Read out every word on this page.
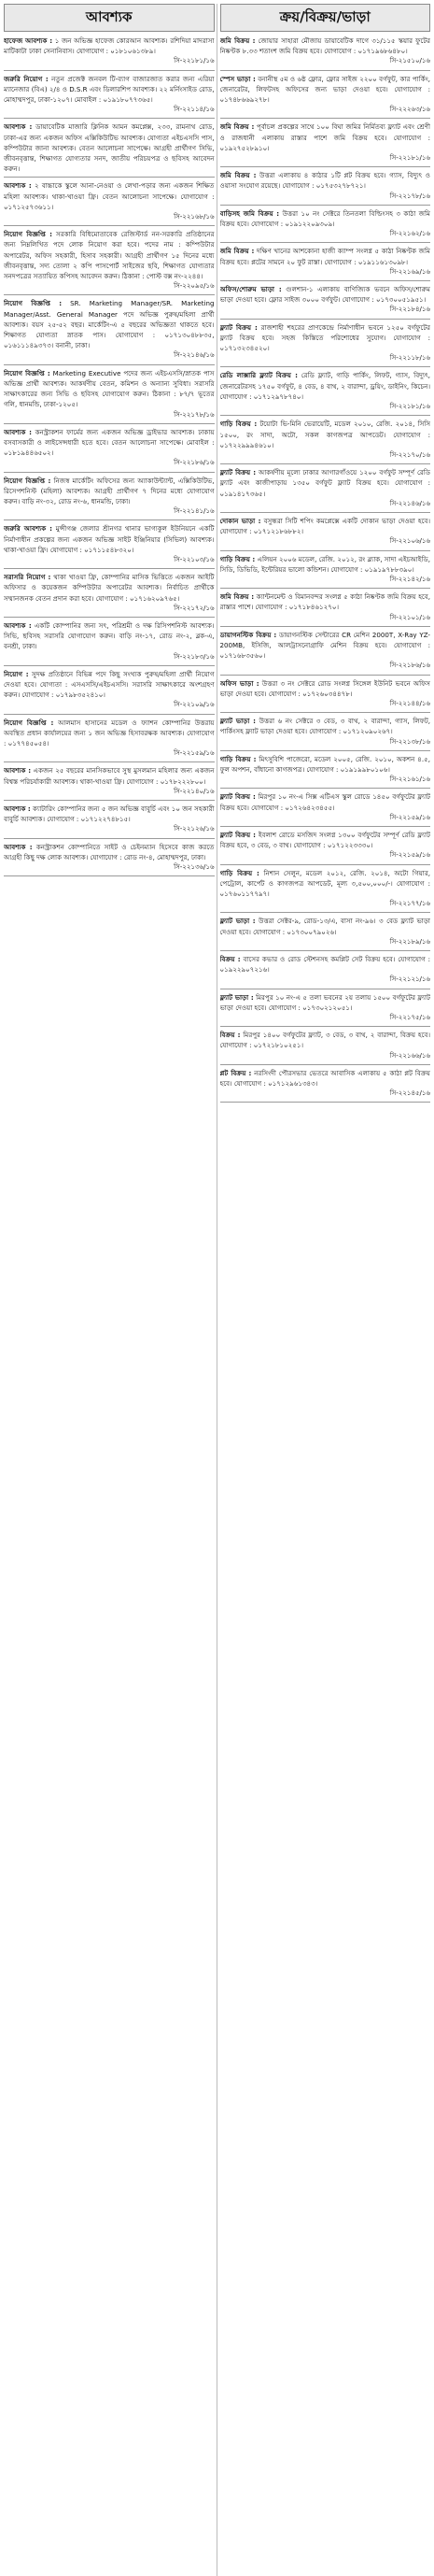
আবশ্যক
হাফেজ আবশ্যক : ১ জন অভিজ্ঞ হাফেজ কোরআন আবশ্যক। রশিদিয়া মাদরাসা মাটিকাটা ঢাকা সেনানিবাস। যোগাযোগ : ০১৮১০৬১৩৮৯।
সি-২২১৮১/১৬
জরুরি নিয়োগ : নতুন প্রজেক্ট জনবল টি-ব্যাগ বাজারজাত করার জন্য এরিয়া ম্যানেজার (বিএ) ২/৪ ও D.S.R এবং ডিলারশিপ আবশ্যক। ২২ মর্নিংসাইড রোড, মোহাম্মদপুর, ঢাকা-১২০৭। মোবাইল : ০১৯১৮০৭৭৩৬৫।
সি-২২১১৪/১৬
আবশ্যক : ডায়াবেটিক মাজারি ক্লিনিক আমন কমপ্লেক্স, ২৩৩, রামনাথ রোড, ঢাকা-এর জন্য একজন অফিস এক্সিকিউটিভ আবশ্যক। যোগ্যতা এইচএসসি পাস, কম্পিউটার জানা আবশ্যক। বেতন আলোচনা সাপেক্ষে। আগ্রহী প্রার্থীগণ সিভি, জীবনবৃত্তান্ত, শিক্ষাগত যোগ্যতার সনদ, জাতীয় পরিচয়পত্র ও ছবিসহ আবেদন করুন।
আবশ্যক : ২ বাচ্চাকে স্কুলে আনা-নেওয়া ও লেখা-পড়ার জন্য একজন শিক্ষিত মহিলা আবশ্যক। থাকা-খাওয়া ফ্রি। বেতন আলোচনা সাপেক্ষে। যোগাযোগ : ০১৭১২৫৭৩৬১১।
সি-২২১৬৮/১৬
নিয়োগ বিজ্ঞপ্তি : সরকারি বিধিমোতাবেক রেজিস্টার্ড নন-সরকারি প্রতিষ্ঠানের জন্য নিম্নলিখিত পদে লোক নিয়োগ করা হবে। পদের নাম : কম্পিউটার অপারেটর, অফিস সহকারী, হিসাব সহকারী। আগ্রহী প্রার্থীগণ ১৫ দিনের মধ্যে জীবনবৃত্তান্ত, সদ্য তোলা ২ কপি পাসপোর্ট সাইজের ছবি, শিক্ষাগত যোগ্যতার সনদপত্রের সত্যায়িত কপিসহ আবেদন করুন। ঠিকানা : পোস্ট বক্স নং-২২৪৪।
সি-২২০৯৫/১৬
নিয়োগ বিজ্ঞপ্তি : SR. Marketing Manager/SR. Marketing Manager/Asst. General Manager পদে অভিজ্ঞ পুরুষ/মহিলা প্রার্থী আবশ্যক। বয়স ২৫-৫২ বছর। মার্কেটিং-এ ৫ বছরের অভিজ্ঞতা থাকতে হবে। শিক্ষাগত যোগ্যতা স্নাতক পাস। যোগাযোগ : ০১৭১৩০৪৮৮৩৫, ০১৬১১১৪৯৩৭৩। বনানী, ঢাকা।
সি-২২১৪৬/১৬
নিয়োগ বিজ্ঞপ্তি : Marketing Executive পদের জন্য এইচএসসি/স্নাতক পাস অভিজ্ঞ প্রার্থী আবশ্যক। আকর্ষণীয় বেতন, কমিশন ও অন্যান্য সুবিধা। সরাসরি সাক্ষাৎকারের জন্য সিভি ও ছবিসহ যোগাযোগ করুন। ঠিকানা : ৮৭/৭ ভূতের গলি, ধানমন্ডি, ঢাকা-১২০৫।
সি-২২১৭৮/১৬
আবশ্যক : কনস্ট্রাকশন ফার্মের জন্য একজন অভিজ্ঞ ড্রাইভার আবশ্যক। ঢাকায় বসবাসকারী ও লাইসেন্সধারী হতে হবে। বেতন আলোচনা সাপেক্ষে। মোবাইল : ০১৮১৯৪৪৬৫০২।
সি-২২১৮৬/১৬
নিয়োগ বিজ্ঞপ্তি : নিজস্ব মার্কেটিং অফিসের জন্য অ্যাকাউন্ট্যান্ট, এক্সিকিউটিভ, রিসেপশনিস্ট (মহিলা) আবশ্যক। আগ্রহী প্রার্থীগণ ৭ দিনের মধ্যে যোগাযোগ করুন। বাড়ি নং-৩২, রোড নং-৬, ধানমন্ডি, ঢাকা।
সি-২২১৪১/১৬
জরুরি আবশ্যক : মুন্সীগঞ্জ জেলার শ্রীনগর থানার ভাগ্যকুল ইউনিয়নে একটি নির্মাণাধীন প্রকল্পের জন্য একজন অভিজ্ঞ সাইট ইঞ্জিনিয়ার (সিভিল) আবশ্যক। থাকা-খাওয়া ফ্রি। যোগাযোগ : ০১৭১১৫৪৮৩২০।
সি-২২১০৩/১৬
সরাসরি নিয়োগ : থাকা খাওয়া ফ্রি, কোম্পানির মাসিক ভিত্তিতে একজন আইটি অফিসার ও কয়েকজন কম্পিউটার অপারেটর আবশ্যক। নির্বাচিত প্রার্থীকে সম্মানজনক বেতন প্রদান করা হবে। যোগাযোগ : ০১৭১৬২০৯৭৬৫।
সি-২২১৭২/১৬
আবশ্যক : একটি কোম্পানির জন্য সৎ, পরিশ্রমী ও দক্ষ রিসিপশনিস্ট আবশ্যক। সিভি, ছবিসহ সরাসরি যোগাযোগ করুন। বাড়ি নং-১৭, রোড নং-২, ব্লক-এ, বনশ্রী, ঢাকা।
সি-২২১৮৩/১৬
নিয়োগ : সুদক্ষ প্রতিষ্ঠানে বিভিন্ন পদে কিছু সংখ্যক পুরুষ/মহিলা প্রার্থী নিয়োগ দেওয়া হবে। যোগ্যতা : এসএসসি/এইচএসসি। সরাসরি সাক্ষাৎকারে অংশগ্রহণ করুন। যোগাযোগ : ০১৭৯৮৩৫২৪১০।
সি-২২১০৯/১৬
নিয়োগ বিজ্ঞপ্তি : আলমাস হাসানের মডেল ও ফ্যাশন কোম্পানির উত্তরায় অবস্থিত প্রধান কার্যালয়ের জন্য ১ জন অভিজ্ঞ হিসাবরক্ষক আবশ্যক। যোগাযোগ : ০১৭৭৪৫০৫৪।
সি-২২১৫৯/১৬
আবশ্যক : একজন ২৫ বছরের মানসিকভাবে সুস্থ মুসলমান মহিলার জন্য একজন বিশ্বস্ত পরিচর্যাকারী আবশ্যক। থাকা-খাওয়া ফ্রি। যোগাযোগ : ০১৭৮২২২৮০০।
সি-২২১৪০/১৬
আবশ্যক : ক্যাটারিং কোম্পানির জন্য ৫ জন অভিজ্ঞ বাবুর্চি এবং ১০ জন সহকারী বাবুর্চি আবশ্যক। যোগাযোগ : ০১৭১২২৭৪৮১৫।
সি-২২১২৬/১৬
আবশ্যক : কনস্ট্রাকশন কোম্পানিতে সাইট ও চেইনম্যান হিসেবে কাজ করতে আগ্রহী কিছু দক্ষ লোক আবশ্যক। যোগাযোগ : রোড নং-৪, মোহাম্মদপুর, ঢাকা।
সি-২২১৩৬/১৬
ক্রয়/বিক্রয়/ভাড়া
জমি বিক্রয় : জোয়ার সাহারা মৌজায় ডায়াবেটিক দাগে ৩১/১১৫ স্কয়ার ফুটের নিষ্কণ্টক ৮.৩৩ শতাংশ জমি বিক্রয় হবে। যোগাযোগ : ০১৭১৯৬৮৬৪৮০।
সি-২১৫১০/১৬
স্পেস ভাড়া : বনানীস্থ ৫ম ও ৬ষ্ঠ ফ্লোর, ফ্লোর সাইজ ২২০০ বর্গফুট, কার পার্কিং, জেনারেটর, লিফটসহ অফিসের জন্য ভাড়া দেওয়া হবে। যোগাযোগ : ০১৭৪৮৬৬৯২৭৮।
সি-২২২৬৩/১৬
জমি বিক্রয় : পূর্বাচল প্রকল্পের সাথে ১০০ বিঘা জমির নির্মিতব্য ফ্ল্যাট এবং শ্রেণী ও রাজধানী এলাকায় রাস্তার পাশে জমি বিক্রয় হবে। যোগাযোগ : ০১৯২৭৫২৮৯১০।
সি-২২১৮১/১৬
জমি বিক্রয় : উত্তরা এলাকায় ৪ কাঠার ১টি প্লট বিক্রয় হবে। গ্যাস, বিদ্যুৎ ও ওয়াসা সংযোগ রয়েছে। যোগাযোগ : ০১৭৫৩২৭৮৭২১।
সি-২২১৭৮/১৬
বাড়িসহ জমি বিক্রয় : উত্তরা ১০ নং সেক্টরে তিনতলা বিল্ডিংসহ ৩ কাঠা জমি বিক্রয় হবে। যোগাযোগ : ০১৯১২২০৯৩০৯।
সি-২২১৬২/১৬
জমি বিক্রয় : দক্ষিণ খানের আশকোনা হাজী ক্যাম্প সংলগ্ন ৫ কাঠা নিষ্কণ্টক জমি বিক্রয় হবে। প্লটের সামনে ২০ ফুট রাস্তা। যোগাযোগ : ০১৯১১৬১৩০৯৮।
সি-২২১৬৯/১৬
অফিস/শোরুম ভাড়া : গুলশান-১ এলাকায় বাণিজ্যিক ভবনে অফিস/শোরুম ভাড়া দেওয়া হবে। ফ্লোর সাইজ ৩০০০ বর্গফুট। যোগাযোগ : ০১৭৩০০৫১৯৫১।
সি-২২১৮৪/১৬
ফ্ল্যাট বিক্রয় : রাজশাহী শহরের প্রাণকেন্দ্রে নির্মাণাধীন ভবনে ১২৫০ বর্গফুটের ফ্ল্যাট বিক্রয় হবে। সহজ কিস্তিতে পরিশোধের সুযোগ। যোগাযোগ : ০১৭১৩২৩৪৫২০।
সি-২২১১৮/১৬
রেডি লাক্সারি ফ্ল্যাট বিক্রয় : রেডি ফ্ল্যাট, গাড়ি পার্কিং, লিফট, গ্যাস, বিদ্যুৎ, জেনারেটরসহ ১৭৫০ বর্গফুট, ৪ বেড, ৪ বাথ, ২ বারান্দা, ড্রয়িং, ডাইনিং, কিচেন। যোগাযোগ : ০১৭১২৯৭৮৭৪০।
সি-২২১৮১/১৬
গাড়ি বিক্রয় : টয়োটা ভি-মিনি ভেরায়েটি, মডেল ২০১০, রেজি. ২০১৪, সিসি ১৫০০, রং সাদা, অটো, সকল কাগজপত্র আপডেট। যোগাযোগ : ০১৭২২৯৯৯৪৬১০।
সি-২২১৭০/১৬
ফ্ল্যাট বিক্রয় : আকর্ষণীয় মূল্যে ঢাকার আগারগাঁওয়ে ১২০০ বর্গফুট সম্পূর্ণ রেডি ফ্ল্যাট এবং কাজীপাড়ায় ১৩৫০ বর্গফুট ফ্ল্যাট বিক্রয় হবে। যোগাযোগ : ০১৯১৪১৭৩৬৫।
সি-২২১৪৬/১৬
দোকান ভাড়া : বসুন্ধরা সিটি শপিং কমপ্লেক্সে একটি দোকান ভাড়া দেওয়া হবে। যোগাযোগ : ০১৭১২১৮৬৮৮২।
সি-২২১০৬/১৬
গাড়ি বিক্রয় : এলিয়ন ২০০৬ মডেল, রেজি. ২০১২, রং ব্ল্যাক, সাদা এইচআইডি, সিডি, ডিভিডি, ইন্টেরিয়র ভালো কন্ডিশন। যোগাযোগ : ০১৯১৯৭৮৮৩৯০।
সি-২২১৪২/১৬
জমি বিক্রয় : ক্যান্টনমেন্ট ও বিমানবন্দর সংলগ্ন ৫ কাঠা নিষ্কণ্টক জমি বিক্রয় হবে, রাস্তার পাশে। যোগাযোগ : ০১৭১৮৪৬১২৭০।
সি-২২১০১/১৬
ডায়াগনস্টিক বিক্রয় : ডায়াগনস্টিক সেন্টারের CR মেশিন 2000T, X-Ray YZ-200MB, ইসিজি, আলট্রাসনোগ্রাফি মেশিন বিক্রয় হবে। যোগাযোগ : ০১৭১৬৮৩৫৬০।
সি-২২১৮৬/১৬
অফিস ভাড়া : উত্তরা ৩ নং সেক্টরে রোড সংলগ্ন সিঙ্গেল ইউনিট ভবনে অফিস ভাড়া দেওয়া হবে। যোগাযোগ : ০১৭২৬০৩৪৪৭৮।
সি-২২১৪৪/১৬
ফ্ল্যাট ভাড়া : উত্তরা ৬ নং সেক্টরে ৩ বেড, ৩ বাথ, ২ বারান্দা, গ্যাস, লিফট, পার্কিংসহ ফ্ল্যাট ভাড়া দেওয়া হবে। যোগাযোগ : ০১৭১২০৯০২৬৭।
সি-২২১৩৮/১৬
গাড়ি বিক্রয় : মিৎসুবিশি পাজেরো, মডেল ২০০৫, রেজি. ২০১০, অকশন ৪.৫, ফুল অপশন, বাঁধানো কাগজপত্র। যোগাযোগ : ০১৯১৯৯৮০১০৬।
সি-২২১৬১/১৬
ফ্ল্যাট বিক্রয় : মিরপুর ১০ নং-এ সিক্স এটিএস স্কুল রোডে ১৪৫০ বর্গফুটের ফ্ল্যাট বিক্রয় হবে। যোগাযোগ : ০১৭২৬৪২৩৪৫৫।
সি-২২১৫৯/১৬
ফ্ল্যাট বিক্রয় : ইবলাশ রোডে মসজিদ সংলগ্ন ১৩০০ বর্গফুটের সম্পূর্ণ রেডি ফ্ল্যাট বিক্রয় হবে, ৩ বেড, ৩ বাথ। যোগাযোগ : ০১৭১২২৩৩৩০।
সি-২২১৫৯/১৬
গাড়ি বিক্রয় : নিশান সেলুন, মডেল ২০১২, রেজি. ২০১৪, অটো গিয়ার, পেট্রোল, কার্পেট ও কাগজপত্র আপডেট, মূল্য ৩,৫০০,০০০/-। যোগাযোগ : ০১৭৬০১১৭৭৯৭।
সি-২২১৭৭/১৬
ফ্ল্যাট ভাড়া : উত্তরা সেক্টর-৯, রোড-১৩/এ, বাসা নং-৯৬। ৩ বেড ফ্ল্যাট ভাড়া দেওয়া হবে। যোগাযোগ : ০১৭৩০০৭৯০২৬।
সি-২২১৮৯/১৬
বিক্রয় : বাসের কভার ও রোড স্টেশনসহ কমপ্লিট সেট বিক্রয় হবে। যোগাযোগ : ০১৯২২৯০৭২১৬।
সি-২২১২১/১৬
ফ্ল্যাট ভাড়া : মিরপুর ১০ নং-এ ৫ তলা ভবনের ২য় তলায় ১৫০০ বর্গফুটের ফ্ল্যাট ভাড়া দেওয়া হবে। যোগাযোগ : ০১৭৩০২১২০৫১।
সি-২২১৭৫/১৬
বিক্রয় : মিরপুর ১৪০০ বর্গফুটের ফ্ল্যাট, ৩ বেড, ৩ বাথ, ২ বারান্দা, বিক্রয় হবে। যোগাযোগ : ০১৭২১৮১০২৫১।
সি-২২১৬৬/১৬
প্লট বিক্রয় : নরসিংদী পৌরসভার ভেতরে আবাসিক এলাকায় ৫ কাঠা প্লট বিক্রয় হবে। যোগাযোগ : ০১৭১২৯৬১৩৪৩।
সি-২২১৪৫/১৬
